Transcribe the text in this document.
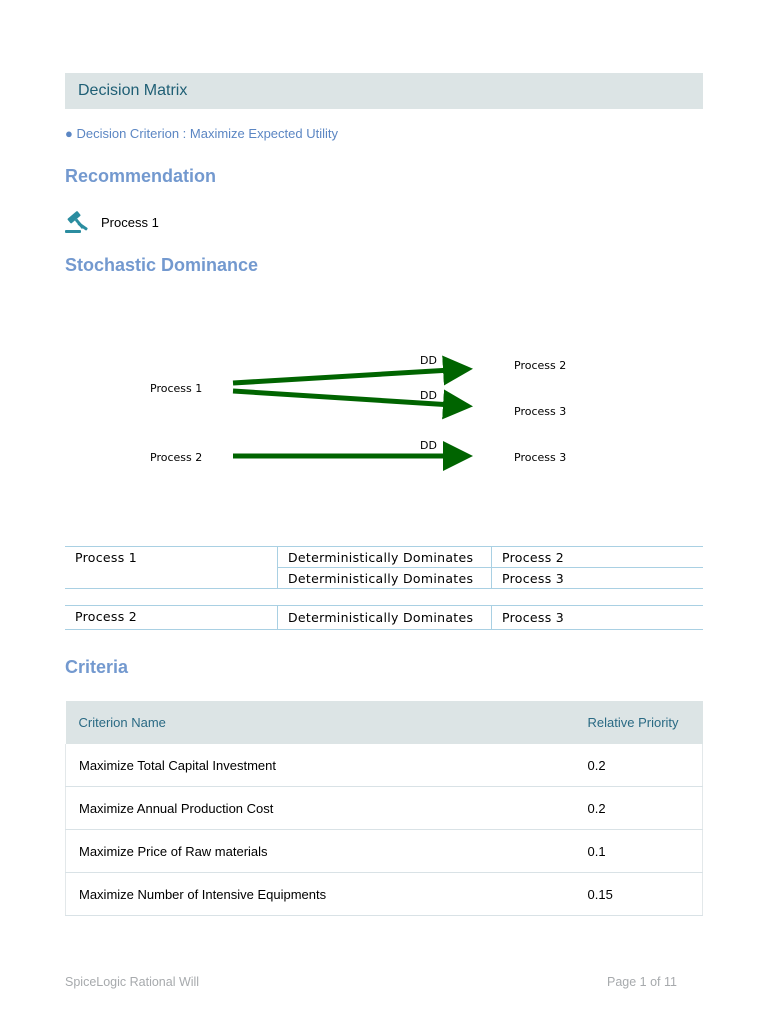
Decision Matrix
● Decision Criterion : Maximize Expected Utility
Recommendation
Process 1
Stochastic Dominance
Process 1
Process 2
Process 2
Process 3
Process 3
DD
DD
DD
Process 1	Deterministically Dominates	Process 2
	Deterministically Dominates	Process 3
Process 2	Deterministically Dominates	Process 3
Criteria
Criterion Name	Relative Priority
Maximize Total Capital Investment	0.2
Maximize Annual Production Cost	0.2
Maximize Price of Raw materials	0.1
Maximize Number of Intensive Equipments	0.15
SpiceLogic Rational Will	Page 1 of 11
